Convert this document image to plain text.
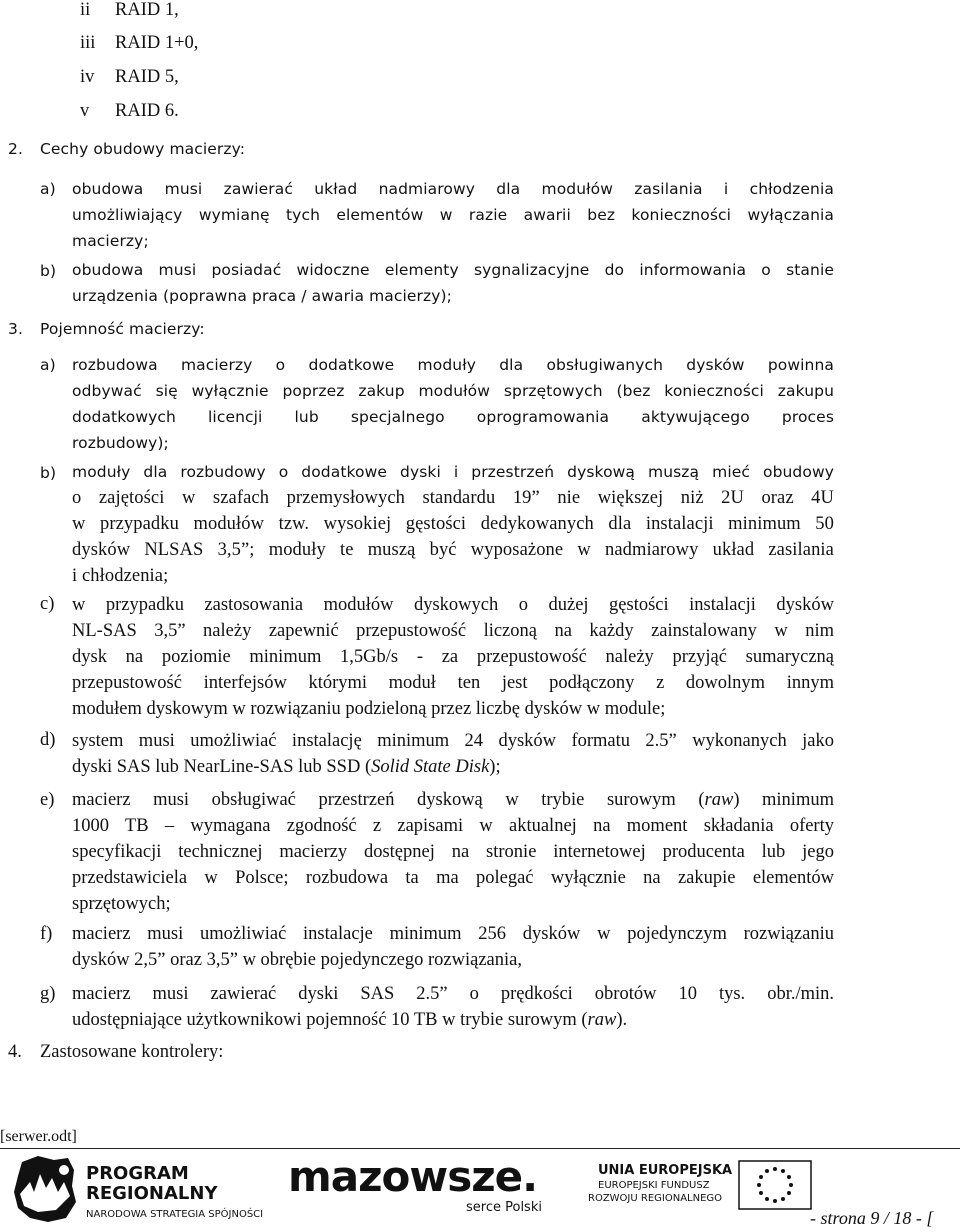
ii RAID 1,
iii RAID 1+0,
iv RAID 5,
v RAID 6.
2. Cechy obudowy macierzy:
a) obudowa musi zawierać układ nadmiarowy dla modułów zasilania i chłodzenia
umożliwiający wymianę tych elementów w razie awarii bez konieczności wyłączania
macierzy;
b) obudowa musi posiadać widoczne elementy sygnalizacyjne do informowania o stanie
urządzenia (poprawna praca / awaria macierzy);
3. Pojemność macierzy:
a) rozbudowa macierzy o dodatkowe moduły dla obsługiwanych dysków powinna
odbywać się wyłącznie poprzez zakup modułów sprzętowych (bez konieczności zakupu
dodatkowych licencji lub specjalnego oprogramowania aktywującego proces
rozbudowy);
b) moduły dla rozbudowy o dodatkowe dyski i przestrzeń dyskową muszą mieć obudowy
o zajętości w szafach przemysłowych standardu 19” nie większej niż 2U oraz 4U
w przypadku modułów tzw. wysokiej gęstości dedykowanych dla instalacji minimum 50
dysków NLSAS 3,5”; moduły te muszą być wyposażone w nadmiarowy układ zasilania
i chłodzenia;
c) w przypadku zastosowania modułów dyskowych o dużej gęstości instalacji dysków
NL-SAS 3,5” należy zapewnić przepustowość liczoną na każdy zainstalowany w nim
dysk na poziomie minimum 1,5Gb/s - za przepustowość należy przyjąć sumaryczną
przepustowość interfejsów którymi moduł ten jest podłączony z dowolnym innym
modułem dyskowym w rozwiązaniu podzieloną przez liczbę dysków w module;
d) system musi umożliwiać instalację minimum 24 dysków formatu 2.5” wykonanych jako
dyski SAS lub NearLine-SAS lub SSD (Solid State Disk);
e) macierz musi obsługiwać przestrzeń dyskową w trybie surowym (raw) minimum
1000 TB – wymagana zgodność z zapisami w aktualnej na moment składania oferty
specyfikacji technicznej macierzy dostępnej na stronie internetowej producenta lub jego
przedstawiciela w Polsce; rozbudowa ta ma polegać wyłącznie na zakupie elementów
sprzętowych;
f) macierz musi umożliwiać instalacje minimum 256 dysków w pojedynczym rozwiązaniu
dysków 2,5” oraz 3,5” w obrębie pojedynczego rozwiązania,
g) macierz musi zawierać dyski SAS 2.5” o prędkości obrotów 10 tys. obr./min.
udostępniające użytkownikowi pojemność 10 TB w trybie surowym (raw).
4. Zastosowane kontrolery:
[serwer.odt]
PROGRAM
REGIONALNY
NARODOWA STRATEGIA SPÓJNOŚCI
mazowsze.
serce Polski
UNIA EUROPEJSKA
EUROPEJSKI FUNDUSZ
ROZWOJU REGIONALNEGO
- strona 9 / 18 - [
